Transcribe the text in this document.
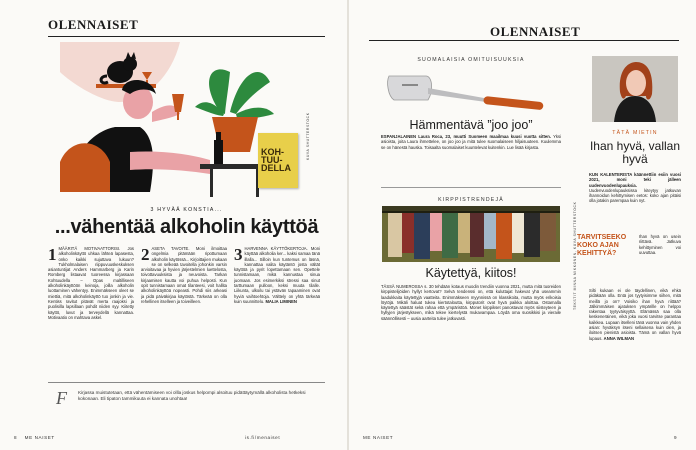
OLENNAISET
KOH-
TUU-
DELLA
KUVA SHUTTERSTOCK
3 HYVÄÄ KONSTIA...
...vähentää alkoholin käyttöä
1 MÄÄRITÄ MOTIVAATTORISI. Jos alkoholinkäyttö uhkaa lähteä lapasesta, onko kaikki sujuttava lukuun? Tukholmalaisen riippuvuuskeskuksen asiantuntijat Anders Hammarberg ja Karin Romberg listaavat tuoreessa kirjassaan Kohtuudella – Opas maltilliseen alkoholinkäyttöön keinoja, joilla alkoholin luottaminen vähentyy. Enimmäkseen oleet se miettiä, mitä alkoholinkäyttö tuo jonkin ja vie. Kentiss ravitut pitävät merta raajoksi ja puolisilla lapsillaan pohdit niiden syy. Kiitetty käyttö, luvut ja terveydellä kannattaa. Motivaatio on mahtava askel.
2 ASETA TAVOITE. Moni ilmoittaa ongelmia pitämään ripottumaan alkoholin käytössä... Kirjoittajien mukaan se on selkeää tavoitella johonkin varsin arvioitavaa ja hyvien järjestelmien luettelosta, toivottavuuksista ja neuvoista. Tarkan kirjaamisen kautta voi puhua helposti. Kun opit tunnistamaan omat tilanteesi, voit hallita alkoholinkäyttöä nopeasti. Pohdi siis arkeasi ja pidä päiväkirjaa käytöstä. Tärkeää on olla rehellinen itselleen ja toiveilleen.
3 HARVENNA KÄYTTÖKERTOJA. Moni käyttää alkoholia ker... kaksi samaa tänä illalla... Silloin kun tuntemus on läsnä, kannattaa valita käytäntö josta vältät käyttöä ja pyrit lopettamaan sen. Opettele tunnistamaan, mikä kannustaa sinua juomaan. Jos esimerkiksi stressi saa sinut tarttumaan pulloon, keksi muuta tilalle. Liikunta, ulkoilu tai ystävän tapaaminen ovat hyviä vaihtoehtoja. Välttely on yhtä tärkeää kuin suunnittelu. MALIA LIMINEN
F Kirjassa muistutetaan, että vähentämiseen voi ollla joskus helpompi alsoituu pidättäytymällä alkoholista hetkeksi kokonaan. Eli tipaton tammikuuta ei kannata unohtaa!
8 ME NAISET	is.fi/menaiset
OLENNAISET
SUOMALAISIA OMITUISUUKSIA
Hämmentävä ”joo joo”
ESPANJALAINEN Laura Roca, 23, muutti Suomeen maailmaa kuusi vuotta sitten. Yksi asioista, joita Laura ihmettelee, on joo joo ja mitä tulee suomalaiseen hiljaisuuteen. Kuulemma se on hänestä hauska. Toisaalta suomalaiset kuuntelevat kuitenkin. Lue lisää kirjasta.
KIRPPISTRENDEJÄ
Käytettyä, kiitos!
TÄSSÄ NUMEROSSA s. 30 tehdään kotaus muodin trendiin vuonna 2021, mutta mitä tuoreiden kirppistelijöiden hyllyt kertovat? Selvä tendenssi on, että kuluttajat hakevat yhä useammin laadukkaita käytettyjä vaatteita. Enimmäkseen myynnissä on klassikoita, mutta myös erikoisia löytöjä. Mikäli haluat tukea kiertotaloutta, kirpputorit ovat hyvä paikka aloittaa. Ostamalla käytettyä säästät sekä rahaa että ympäristöä. Monet kirppikset panostavat myös siisteyteen ja hyllyjen järjestykseen, mikä tekee kiertelystä mukavampaa. Löydä oma suosikkisi ja vieraile säännöllisesti – uusia aarteita tulee jatkuvasti.
TEKSTIT MINNA MIKKONEN, KUVA SHUTTERSTOCK
TÄTÄ MIETIN
Ihan hyvä, vallan hyvä
KUN KALENTERISTA käännettiin esiin vuosi 2021, moni teki jälleen uudenvuodenlupauksia. Uudenvuodenlupauksissa kiteytyy jatkuvan ihannoidun kehittymisen eetos: koko ajan pitäisi olla jotakin parempaa kuin nyt.
TARVITSEEKO KOKO AJAN KEHITTYÄ?
Ihan hyvä on usein riittävä. Jatkuva kehittyminen voi uuvuttaa.
Silti kukaan ei ole täydellinen, eikä ehkä pidäkään olla. Entä jos tyytyisimme siihen, mitä meillä jo on? Voisiko ihan hyvä riittää? Jälkimmäisen ajatuksen ympärille on helppo rakentaa tyytyväisyyttä. Elämässä saa olla keskeneräinen, eikä joka vuosi tarvitse parantaa kaikkea. Lupaan itselleni tänä vuonna vain yhden asian: hyväksyn itseni sellaisena kuin olen, ja iloitsen pienistä asioista. Tämä on vallan hyvä lupaus. ANNA WILMAN
ME NAISET	9
